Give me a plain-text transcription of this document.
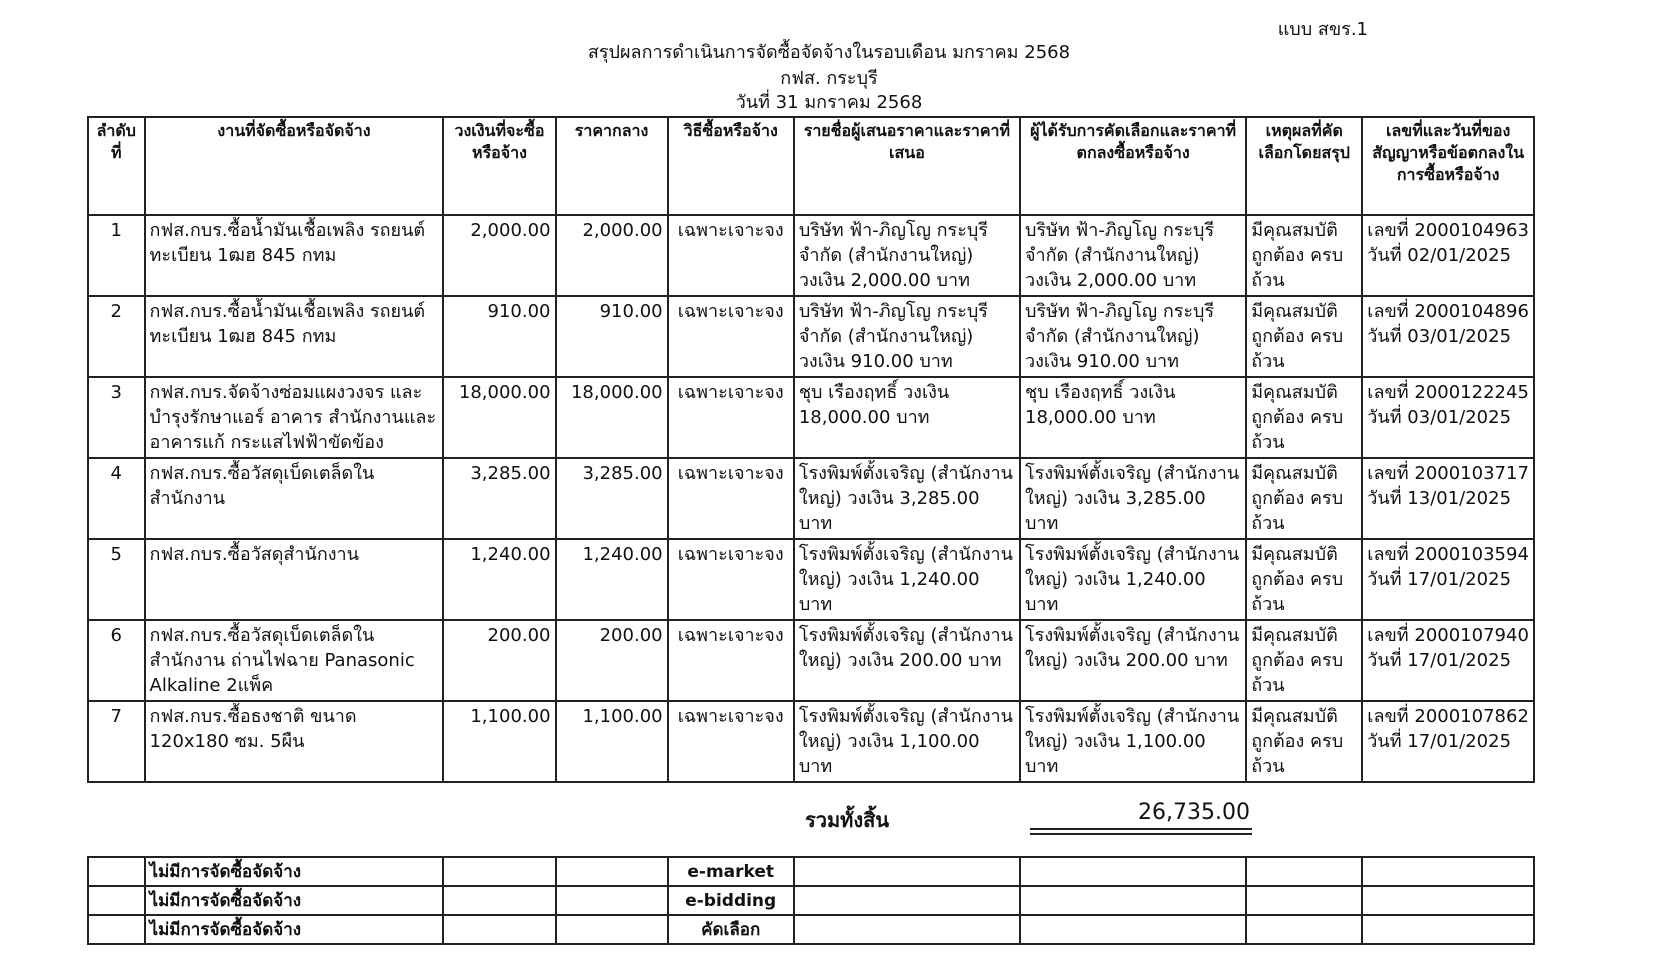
แบบ สขร.1
สรุปผลการดำเนินการจัดซื้อจัดจ้างในรอบเดือน มกราคม 2568
กฟส. กระบุรี
วันที่ 31 มกราคม 2568
ลำดับที่	งานที่จัดซื้อหรือจัดจ้าง	วงเงินที่จะซื้อหรือจ้าง	ราคากลาง	วิธีซื้อหรือจ้าง	รายชื่อผู้เสนอราคาและราคาที่เสนอ	ผู้ได้รับการคัดเลือกและราคาที่ตกลงซื้อหรือจ้าง	เหตุผลที่คัดเลือกโดยสรุป	เลขที่และวันที่ของสัญญาหรือข้อตกลงในการซื้อหรือจ้าง
1	กฟส.กบร.ซื้อน้ำมันเชื้อเพลิง รถยนต์ทะเบียน 1ฒฮ 845 กทม	2,000.00	2,000.00	เฉพาะเจาะจง	บริษัท ฟ้า-ภิญโญ กระบุรี จำกัด (สำนักงานใหญ่) วงเงิน 2,000.00 บาท	บริษัท ฟ้า-ภิญโญ กระบุรี จำกัด (สำนักงานใหญ่) วงเงิน 2,000.00 บาท	มีคุณสมบัติ ถูกต้อง ครบถ้วน	เลขที่ 2000104963 วันที่ 02/01/2025
2	กฟส.กบร.ซื้อน้ำมันเชื้อเพลิง รถยนต์ทะเบียน 1ฒฮ 845 กทม	910.00	910.00	เฉพาะเจาะจง	บริษัท ฟ้า-ภิญโญ กระบุรี จำกัด (สำนักงานใหญ่) วงเงิน 910.00 บาท	บริษัท ฟ้า-ภิญโญ กระบุรี จำกัด (สำนักงานใหญ่) วงเงิน 910.00 บาท	มีคุณสมบัติ ถูกต้อง ครบถ้วน	เลขที่ 2000104896 วันที่ 03/01/2025
3	กฟส.กบร.จัดจ้างซ่อมแผงวงจร และบำรุงรักษาแอร์ อาคาร สำนักงานและอาคารแก้ กระแสไฟฟ้าขัดข้อง	18,000.00	18,000.00	เฉพาะเจาะจง	ชุบ เรืองฤทธิ์ วงเงิน 18,000.00 บาท	ชุบ เรืองฤทธิ์ วงเงิน 18,000.00 บาท	มีคุณสมบัติ ถูกต้อง ครบถ้วน	เลขที่ 2000122245 วันที่ 03/01/2025
4	กฟส.กบร.ซื้อวัสดุเบ็ดเตล็ดใน สำนักงาน	3,285.00	3,285.00	เฉพาะเจาะจง	โรงพิมพ์ตั้งเจริญ (สำนักงานใหญ่) วงเงิน 3,285.00 บาท	โรงพิมพ์ตั้งเจริญ (สำนักงานใหญ่) วงเงิน 3,285.00 บาท	มีคุณสมบัติ ถูกต้อง ครบถ้วน	เลขที่ 2000103717 วันที่ 13/01/2025
5	กฟส.กบร.ซื้อวัสดุสำนักงาน	1,240.00	1,240.00	เฉพาะเจาะจง	โรงพิมพ์ตั้งเจริญ (สำนักงานใหญ่) วงเงิน 1,240.00 บาท	โรงพิมพ์ตั้งเจริญ (สำนักงานใหญ่) วงเงิน 1,240.00 บาท	มีคุณสมบัติ ถูกต้อง ครบถ้วน	เลขที่ 2000103594 วันที่ 17/01/2025
6	กฟส.กบร.ซื้อวัสดุเบ็ดเตล็ดใน สำนักงาน ถ่านไฟฉาย Panasonic Alkaline 2แพ็ค	200.00	200.00	เฉพาะเจาะจง	โรงพิมพ์ตั้งเจริญ (สำนักงานใหญ่) วงเงิน 200.00 บาท	โรงพิมพ์ตั้งเจริญ (สำนักงานใหญ่) วงเงิน 200.00 บาท	มีคุณสมบัติ ถูกต้อง ครบถ้วน	เลขที่ 2000107940 วันที่ 17/01/2025
7	กฟส.กบร.ซื้อธงชาติ ขนาด 120x180 ซม. 5ผืน	1,100.00	1,100.00	เฉพาะเจาะจง	โรงพิมพ์ตั้งเจริญ (สำนักงานใหญ่) วงเงิน 1,100.00 บาท	โรงพิมพ์ตั้งเจริญ (สำนักงานใหญ่) วงเงิน 1,100.00 บาท	มีคุณสมบัติ ถูกต้อง ครบถ้วน	เลขที่ 2000107862 วันที่ 17/01/2025
รวมทั้งสิ้น	26,735.00
	ไม่มีการจัดซื้อจัดจ้าง			e-market				
	ไม่มีการจัดซื้อจัดจ้าง			e-bidding				
	ไม่มีการจัดซื้อจัดจ้าง			คัดเลือก				
